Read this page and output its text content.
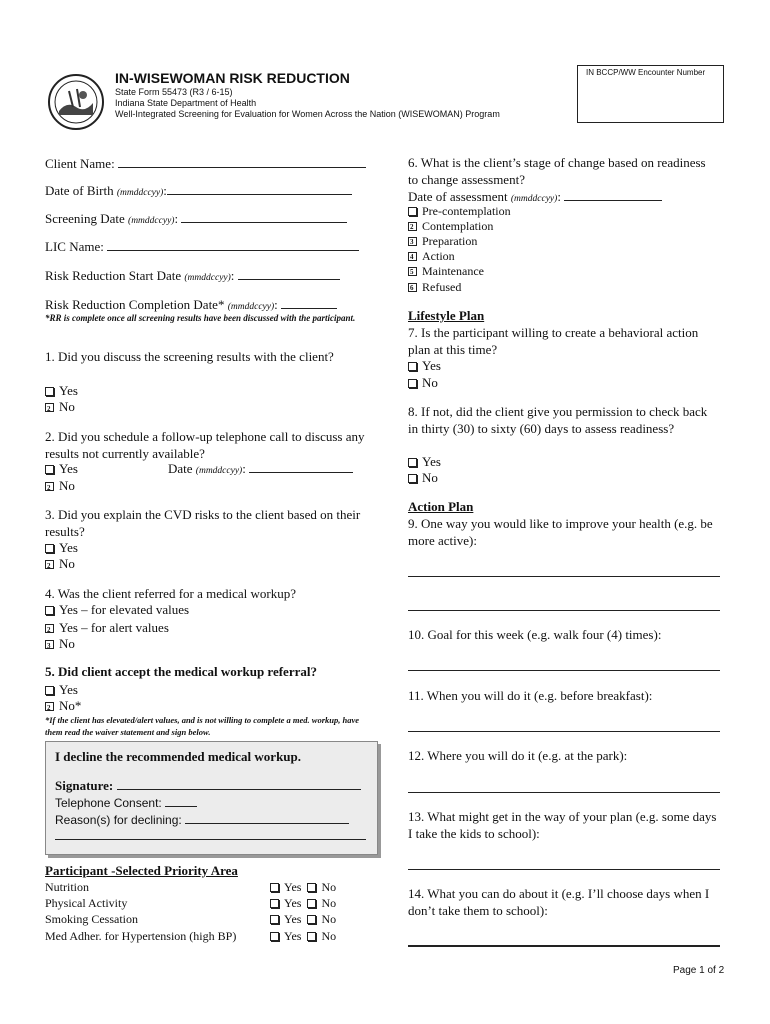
IN-WISEWOMAN RISK REDUCTION
State Form 55473 (R3 / 6-15)
Indiana State Department of Health
Well-Integrated Screening for Evaluation for Women Across the Nation (WISEWOMAN) Program
IN BCCP/WW Encounter Number
Client Name:
Date of Birth (mmddccyy):
Screening Date (mmddccyy):
LIC Name:
Risk Reduction Start Date (mmddccyy):
Risk Reduction Completion Date* (mmddccyy):
*RR is complete once all screening results have been discussed with the participant.
1. Did you discuss the screening results with the client?
Yes
2No
2. Did you schedule a follow-up telephone call to discuss any results not currently available?
Yes	Date (mmddccyy):
2No
3. Did you explain the CVD risks to the client based on their results?
Yes
2No
4. Was the client referred for a medical workup?
Yes – for elevated values
2Yes – for alert values
3No
5. Did client accept the medical workup referral?
Yes
2No*
*If the client has elevated/alert values, and is not willing to complete a med. workup, have them read the waiver statement and sign below.
I decline the recommended medical workup.
Signature:
Telephone Consent:
Reason(s) for declining:
Participant -Selected Priority Area
Nutrition	Yes No
Physical Activity	Yes No
Smoking Cessation	Yes No
Med Adher. for Hypertension (high BP)	Yes No
6. What is the client’s stage of change based on readiness to change assessment?
Date of assessment (mmddccyy):
Pre-contemplation
2Contemplation
3Preparation
4Action
5Maintenance
6Refused
Lifestyle Plan
7. Is the participant willing to create a behavioral action plan at this time?
Yes
No
8. If not, did the client give you permission to check back in thirty (30) to sixty (60) days to assess readiness?
Yes
No
Action Plan
9. One way you would like to improve your health (e.g. be more active):
10. Goal for this week (e.g. walk four (4) times):
11. When you will do it (e.g. before breakfast):
12. Where you will do it (e.g. at the park):
13. What might get in the way of your plan (e.g. some days I take the kids to school):
14. What you can do about it (e.g. I’ll choose days when I don’t take them to school):
Page 1 of 2
